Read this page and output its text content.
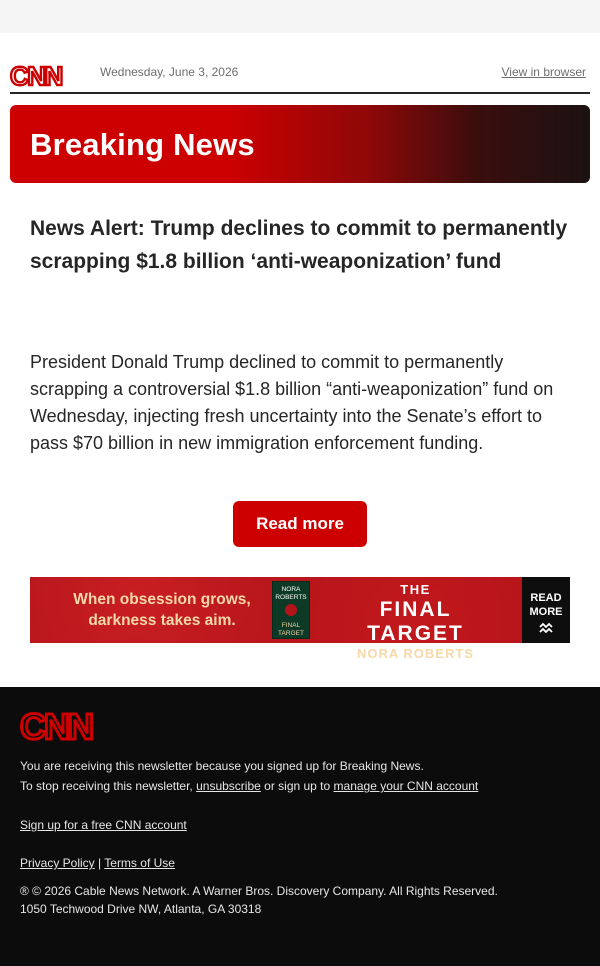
CNN	Wednesday, June 3, 2026	View in browser
Breaking News
News Alert: Trump declines to commit to permanently scrapping $1.8 billion ‘anti-weaponization’ fund
President Donald Trump declined to commit to permanently scrapping a controversial $1.8 billion “anti-weaponization” fund on Wednesday, injecting fresh uncertainty into the Senate’s effort to pass $70 billion in new immigration enforcement funding.
Read more
When obsession grows,
darkness takes aim.
NORA
ROBERTS
FINAL
TARGET
THE
FINAL TARGET
NORA ROBERTS
READ
MORE
CNN
You are receiving this newsletter because you signed up for Breaking News.
To stop receiving this newsletter, unsubscribe or sign up to manage your CNN account
Sign up for a free CNN account
Privacy Policy | Terms of Use
® © 2026 Cable News Network. A Warner Bros. Discovery Company. All Rights Reserved.
1050 Techwood Drive NW, Atlanta, GA 30318
